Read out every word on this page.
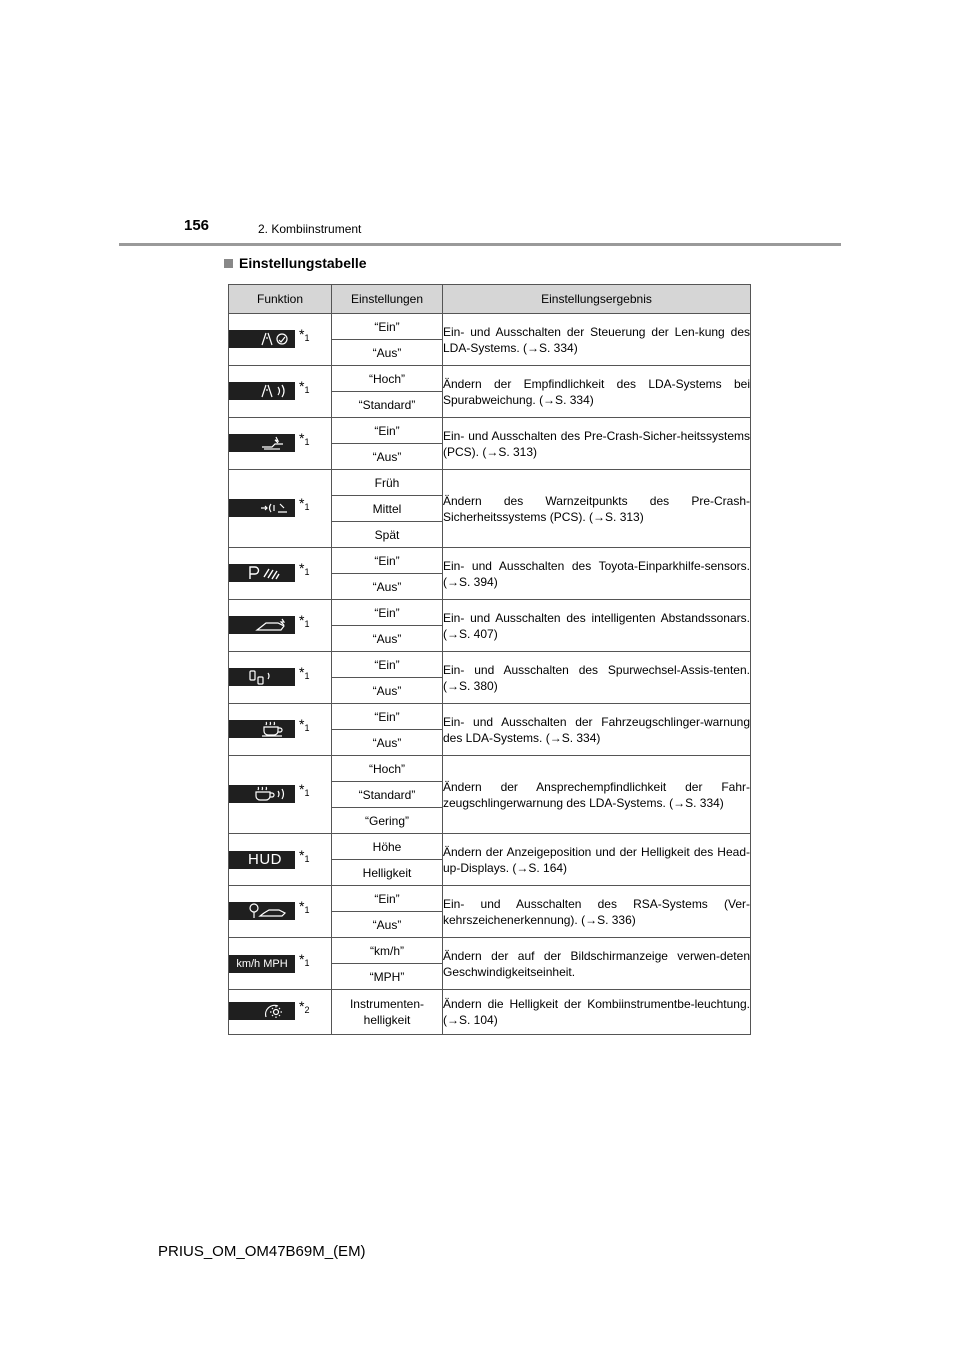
156	2. Kombiinstrument
Einstellungstabelle
Funktion	Einstellungen	Einstellungsergebnis

$*_1$	“Ein”	Ein- und Ausschalten der Steuerung der Len-kung des LDA-Systems. (→S. 334)
	“Aus”	

$*_1$	“Hoch”	Ändern der Empfindlichkeit des LDA-Systems bei Spurabweichung. (→S. 334)
	“Standard”	

$*_1$	“Ein”	Ein- und Ausschalten des Pre-Crash-Sicher-heitssystems (PCS). (→S. 313)
	“Aus”	

$*_1$	Früh	Ändern des Warnzeitpunkts des Pre-Crash-Sicherheitssystems (PCS). (→S. 313)
	Mittel	
	Spät	

$*_1$	“Ein”	Ein- und Ausschalten des Toyota-Einparkhilfe-sensors. (→S. 394)
	“Aus”	

$*_1$	“Ein”	Ein- und Ausschalten des intelligenten Abstandssonars. (→S. 407)
	“Aus”	

$*_1$	“Ein”	Ein- und Ausschalten des Spurwechsel-Assis-tenten. (→S. 380)
	“Aus”	

$*_1$	“Ein”	Ein- und Ausschalten der Fahrzeugschlinger-warnung des LDA-Systems. (→S. 334)
	“Aus”	

$*_1$	“Hoch”	Ändern der Ansprechempfindlichkeit der Fahr-zeugschlingerwarnung des LDA-Systems. (→S. 334)
	“Standard”	
	“Gering”	

HUD $*_1$	Höhe	Ändern der Anzeigeposition und der Helligkeit des Head-up-Displays. (→S. 164)
	Helligkeit	

$*_1$	“Ein”	Ein- und Ausschalten des RSA-Systems (Ver-kehrszeichenerkennung). (→S. 336)
	“Aus”	

km/h MPH $*_1$	“km/h”	Ändern der auf der Bildschirmanzeige verwen-deten Geschwindigkeitseinheit.
	“MPH”	

$*_2$	Instrumenten-helligkeit	Ändern die Helligkeit der Kombiinstrumentbe-leuchtung. (→S. 104)
PRIUS_OM_OM47B69M_(EM)
